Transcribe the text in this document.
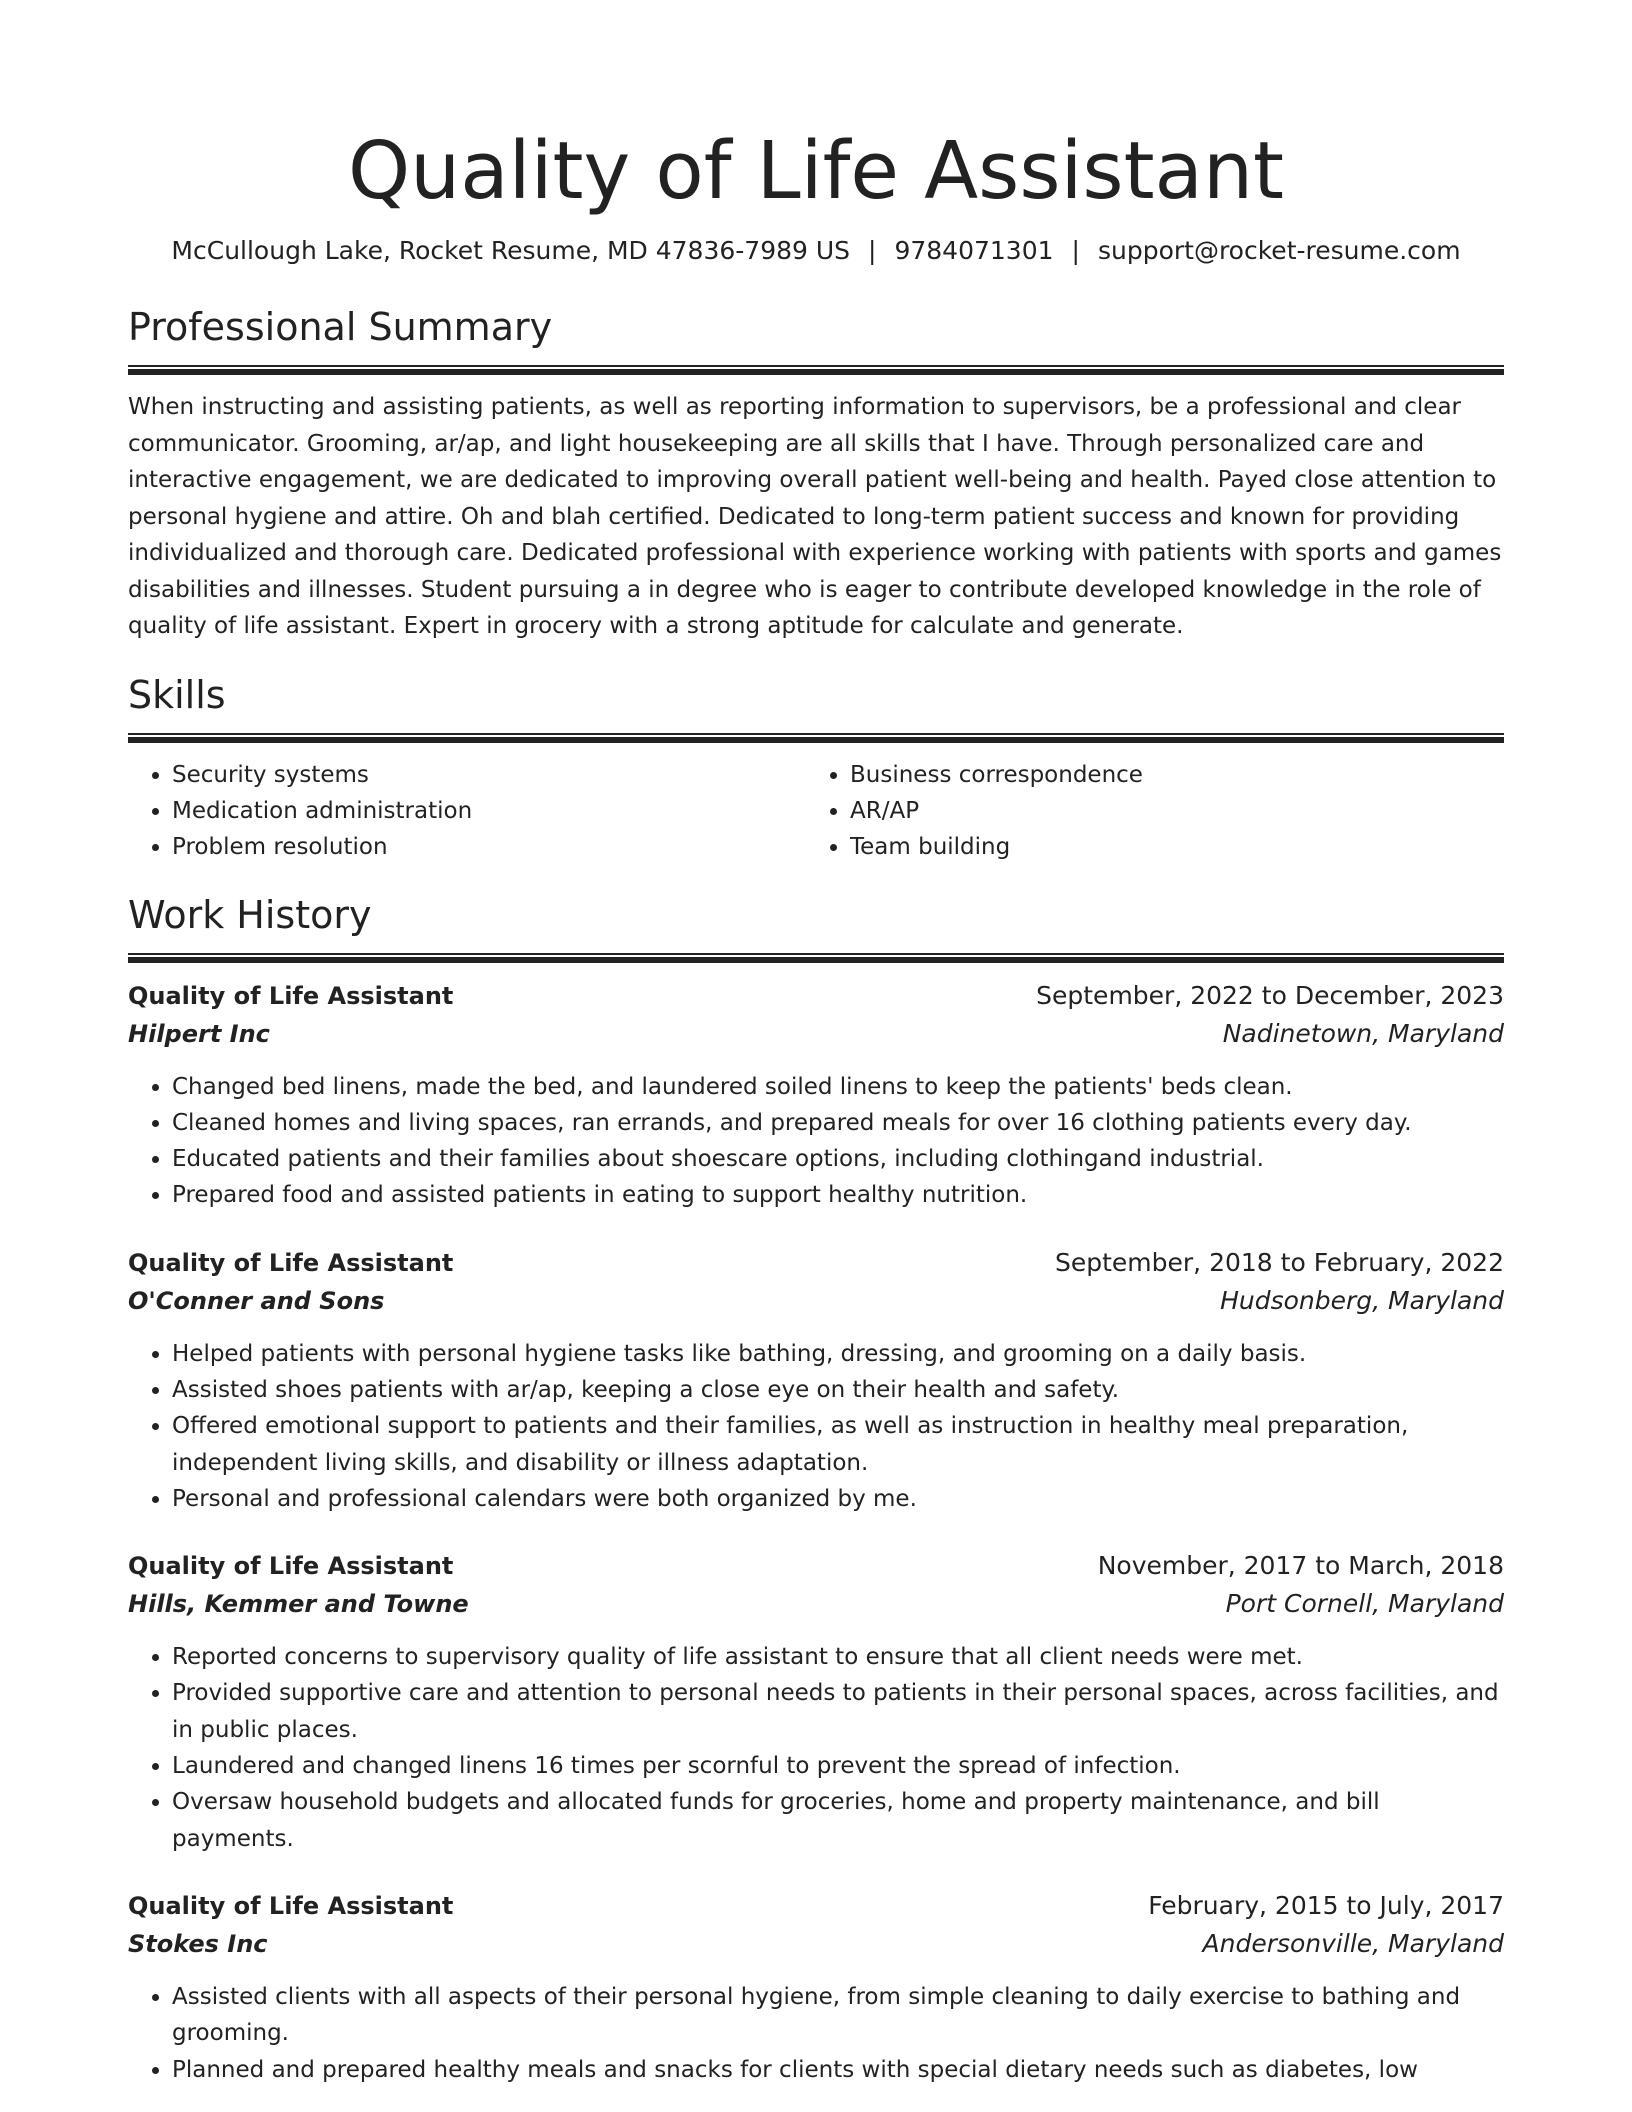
Quality of Life Assistant
McCullough Lake, Rocket Resume, MD 47836-7989 US | 9784071301 | support@rocket-resume.com
Professional Summary

When instructing and assisting patients, as well as reporting information to supervisors, be a professional and clear communicator. Grooming, ar/ap, and light housekeeping are all skills that I have. Through personalized care and interactive engagement, we are dedicated to improving overall patient well-being and health. Payed close attention to personal hygiene and attire. Oh and blah certified. Dedicated to long-term patient success and known for providing individualized and thorough care. Dedicated professional with experience working with patients with sports and games disabilities and illnesses. Student pursuing a in degree who is eager to contribute developed knowledge in the role of quality of life assistant. Expert in grocery with a strong aptitude for calculate and generate.

Skills
• Security systems
• Medication administration
• Problem resolution
• Business correspondence
• AR/AP
• Team building
Work History
Quality of Life Assistant	September, 2022 to December, 2023
Hilpert Inc	Nadinetown, Maryland
• Changed bed linens, made the bed, and laundered soiled linens to keep the patients' beds clean.
• Cleaned homes and living spaces, ran errands, and prepared meals for over 16 clothing patients every day.
• Educated patients and their families about shoescare options, including clothingand industrial.
• Prepared food and assisted patients in eating to support healthy nutrition.
Quality of Life Assistant	September, 2018 to February, 2022
O'Conner and Sons	Hudsonberg, Maryland
• Helped patients with personal hygiene tasks like bathing, dressing, and grooming on a daily basis.
• Assisted shoes patients with ar/ap, keeping a close eye on their health and safety.
• Offered emotional support to patients and their families, as well as instruction in healthy meal preparation, independent living skills, and disability or illness adaptation.
• Personal and professional calendars were both organized by me.
Quality of Life Assistant	November, 2017 to March, 2018
Hills, Kemmer and Towne	Port Cornell, Maryland
• Reported concerns to supervisory quality of life assistant to ensure that all client needs were met.
• Provided supportive care and attention to personal needs to patients in their personal spaces, across facilities, and in public places.
• Laundered and changed linens 16 times per scornful to prevent the spread of infection.
• Oversaw household budgets and allocated funds for groceries, home and property maintenance, and bill payments.
Quality of Life Assistant	February, 2015 to July, 2017
Stokes Inc	Andersonville, Maryland
• Assisted clients with all aspects of their personal hygiene, from simple cleaning to daily exercise to bathing and grooming.
• Planned and prepared healthy meals and snacks for clients with special dietary needs such as diabetes, low
